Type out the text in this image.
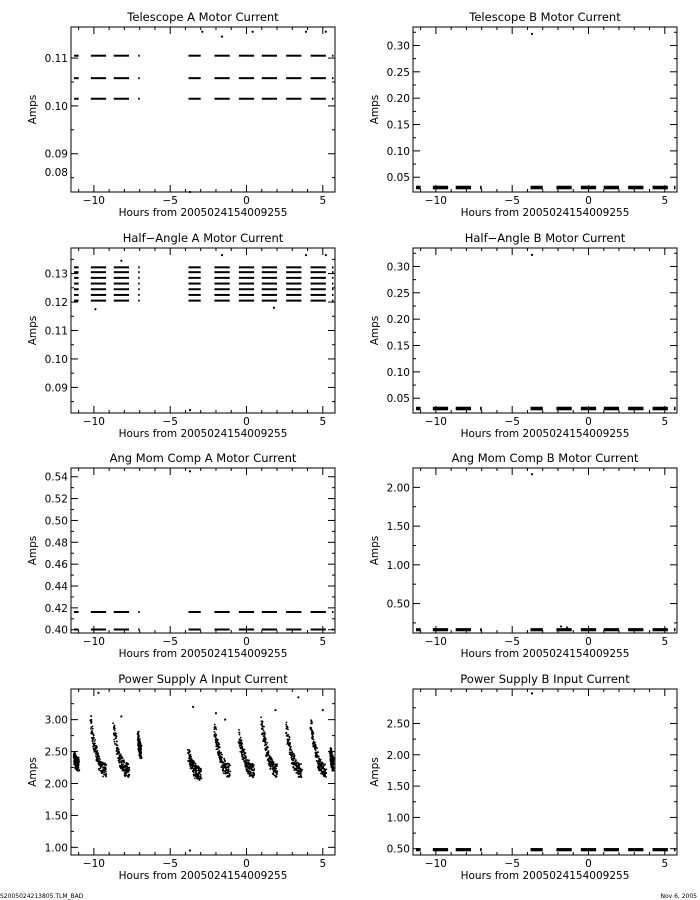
Telescope A Motor Current
−10	−5	0	5
0.09
0.10
0.11
0.08
Hours from 2005024154009255
Amps
Telescope B Motor Current
−10	−5	0	5
0.05
0.10
0.15
0.20
0.25
0.30
Hours from 2005024154009255
Amps
Half−Angle A Motor Current
−10	−5	0	5
0.09
0.10
0.11
0.12
0.13
Hours from 2005024154009255
Amps
Half−Angle B Motor Current
−10	−5	0	5
0.05
0.10
0.15
0.20
0.25
0.30
Hours from 2005024154009255
Amps
Ang Mom Comp A Motor Current
−10	−5	0	5
0.40
0.42
0.44
0.46
0.48
0.50
0.52
0.54
Hours from 2005024154009255
Amps
Ang Mom Comp B Motor Current
−10	−5	0	5
0.50
1.00
1.50
2.00
Hours from 2005024154009255
Amps
Power Supply A Input Current
−10	−5	0	5
1.00
1.50
2.00
2.50
3.00
Hours from 2005024154009255
Amps
Power Supply B Input Current
−10	−5	0	5
0.50
1.00
1.50
2.00
2.50
Hours from 2005024154009255
Amps
S2005024213805.TLM_BAD	Nov 6, 2005
